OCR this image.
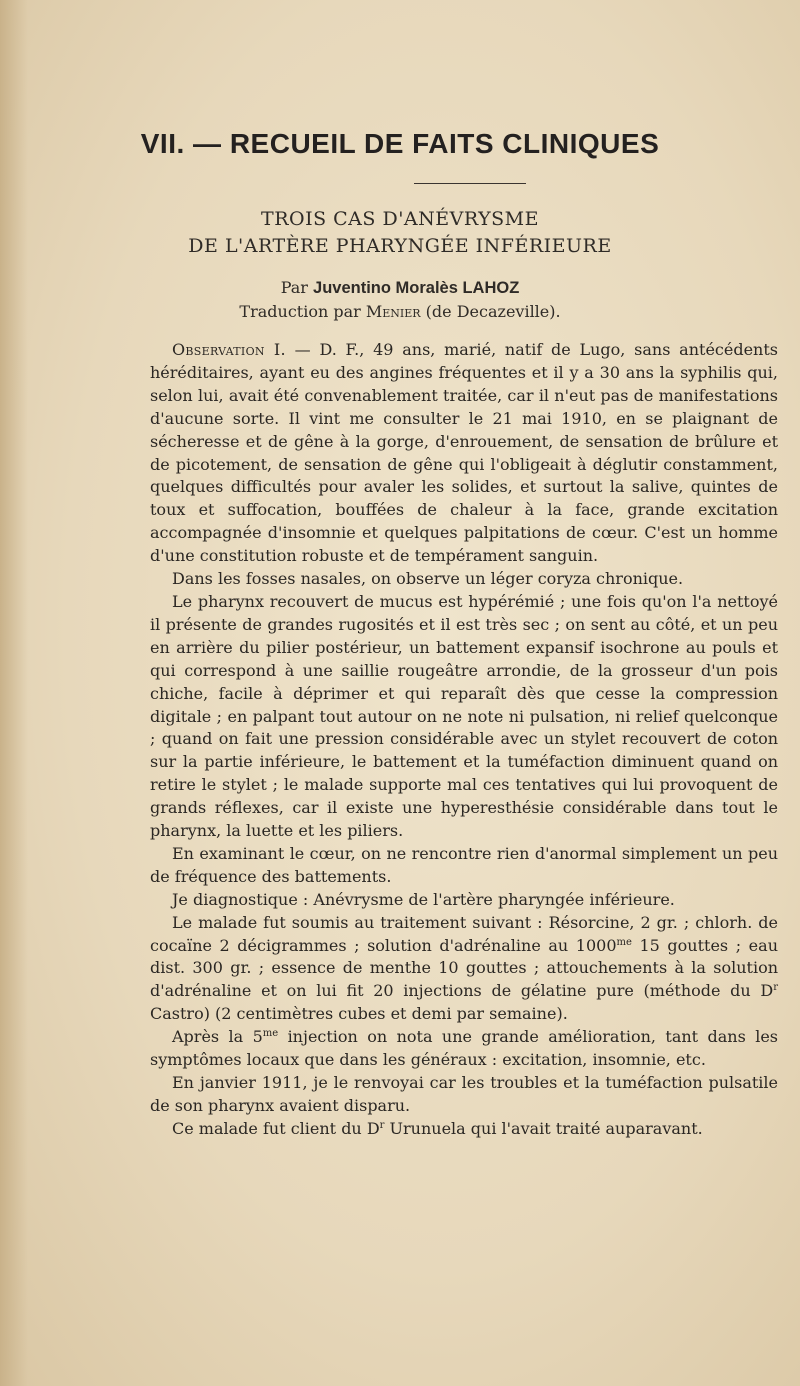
VII. — RECUEIL DE FAITS CLINIQUES
TROIS CAS D'ANÉVRYSME
DE L'ARTÈRE PHARYNGÉE INFÉRIEURE
Par Juventino Moralès LAHOZ
Traduction par Menier (de Decazeville).

Observation I. — D. F., 49 ans, marié, natif de Lugo, sans antécédents héréditaires, ayant eu des angines fréquentes et il y a 30 ans la syphilis qui, selon lui, avait été convenablement traitée, car il n'eut pas de manifestations d'aucune sorte. Il vint me consulter le 21 mai 1910, en se plaignant de sécheresse et de gêne à la gorge, d'enrouement, de sensation de brûlure et de picotement, de sensation de gêne qui l'obligeait à déglutir constamment, quelques difficultés pour avaler les solides, et surtout la salive, quintes de toux et suffocation, bouffées de chaleur à la face, grande excitation accompagnée d'insomnie et quelques palpitations de cœur. C'est un homme d'une constitution robuste et de tempérament sanguin.

Dans les fosses nasales, on observe un léger coryza chronique.

Le pharynx recouvert de mucus est hypérémié ; une fois qu'on l'a nettoyé il présente de grandes rugosités et il est très sec ; on sent au côté, et un peu en arrière du pilier postérieur, un battement expansif isochrone au pouls et qui correspond à une saillie rougeâtre arrondie, de la grosseur d'un pois chiche, facile à déprimer et qui reparaît dès que cesse la compression digitale ; en palpant tout autour on ne note ni pulsation, ni relief quelconque ; quand on fait une pression considérable avec un stylet recouvert de coton sur la partie inférieure, le battement et la tuméfaction diminuent quand on retire le stylet ; le malade supporte mal ces tentatives qui lui provoquent de grands réflexes, car il existe une hyperesthésie considérable dans tout le pharynx, la luette et les piliers.

En examinant le cœur, on ne rencontre rien d'anormal simplement un peu de fréquence des battements.

Je diagnostique : Anévrysme de l'artère pharyngée inférieure.

Le malade fut soumis au traitement suivant : Résorcine, 2 gr. ; chlorh. de cocaïne 2 décigrammes ; solution d'adrénaline au $1000^{me}$ 15 gouttes ; eau dist. 300 gr. ; essence de menthe 10 gouttes ; attouchements à la solution d'adrénaline et on lui fit 20 injections de gélatine pure (méthode du $D^r$ Castro) (2 centimètres cubes et demi par semaine).

Après la $5^{me}$ injection on nota une grande amélioration, tant dans les symptômes locaux que dans les généraux : excitation, insomnie, etc.

En janvier 1911, je le renvoyai car les troubles et la tuméfaction pulsatile de son pharynx avaient disparu.

Ce malade fut client du $D^r$ Urunuela qui l'avait traité auparavant.
